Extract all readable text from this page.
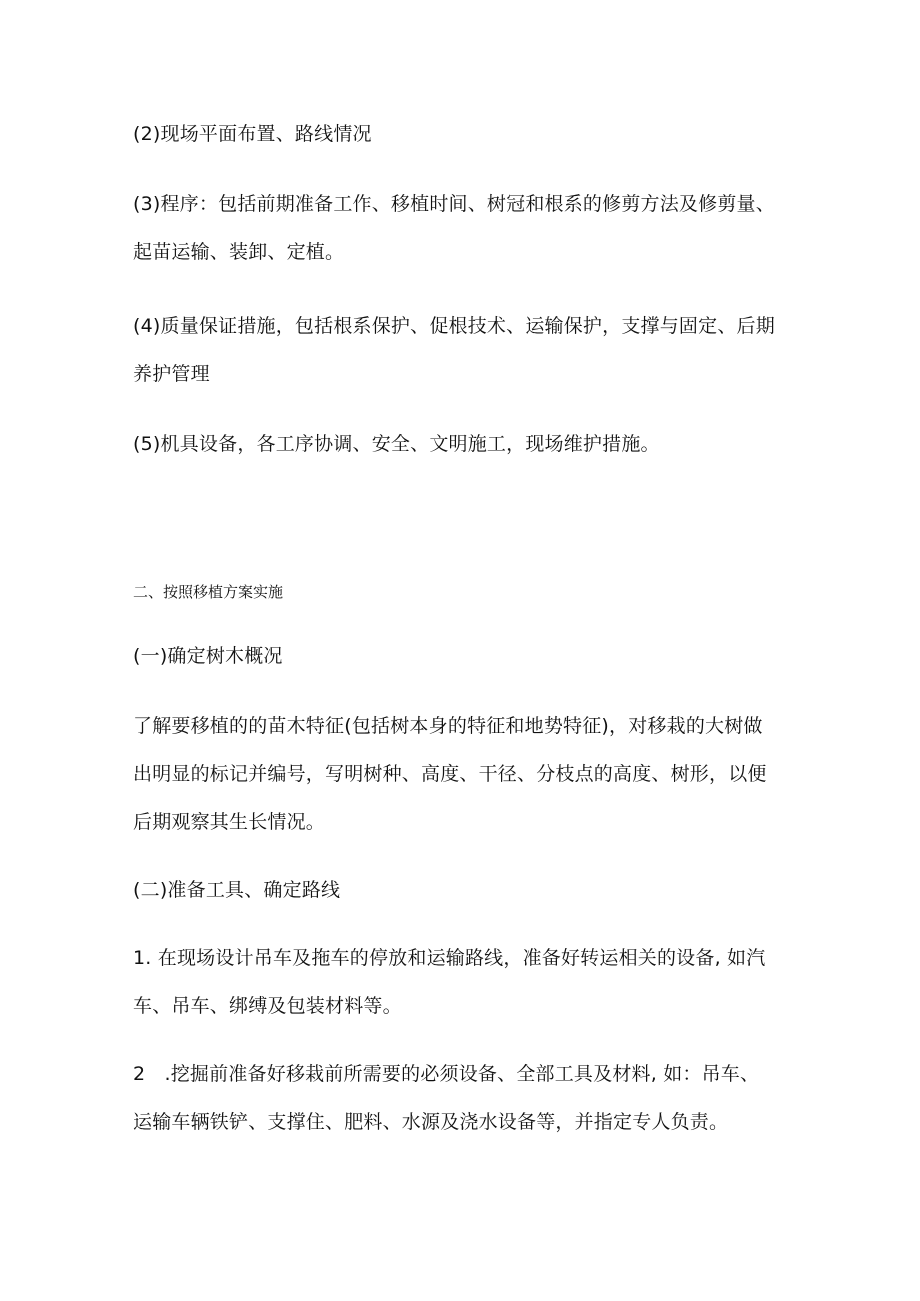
(2)现场平面布置、路线情况

(3)程序：包括前期准备工作、移植时间、树冠和根系的修剪方法及修剪量、
起苗运输、装卸、定植。

(4)质量保证措施，包括根系保护、促根技术、运输保护，支撑与固定、后期
养护管理

(5)机具设备，各工序协调、安全、文明施工，现场维护措施。

二、按照移植方案实施

(一)确定树木概况

了解要移植的的苗木特征(包括树本身的特征和地势特征)，对移栽的大树做
出明显的标记并编号，写明树种、高度、干径、分枝点的高度、树形，以便
后期观察其生长情况。

(二)准备工具、确定路线

1. 在现场设计吊车及拖车的停放和运输路线，准备好转运相关的设备, 如汽
车、吊车、绑缚及包装材料等。

2　.挖掘前准备好移栽前所需要的必须设备、全部工具及材料, 如：吊车、
运输车辆铁铲、支撑住、肥料、水源及浇水设备等，并指定专人负责。
